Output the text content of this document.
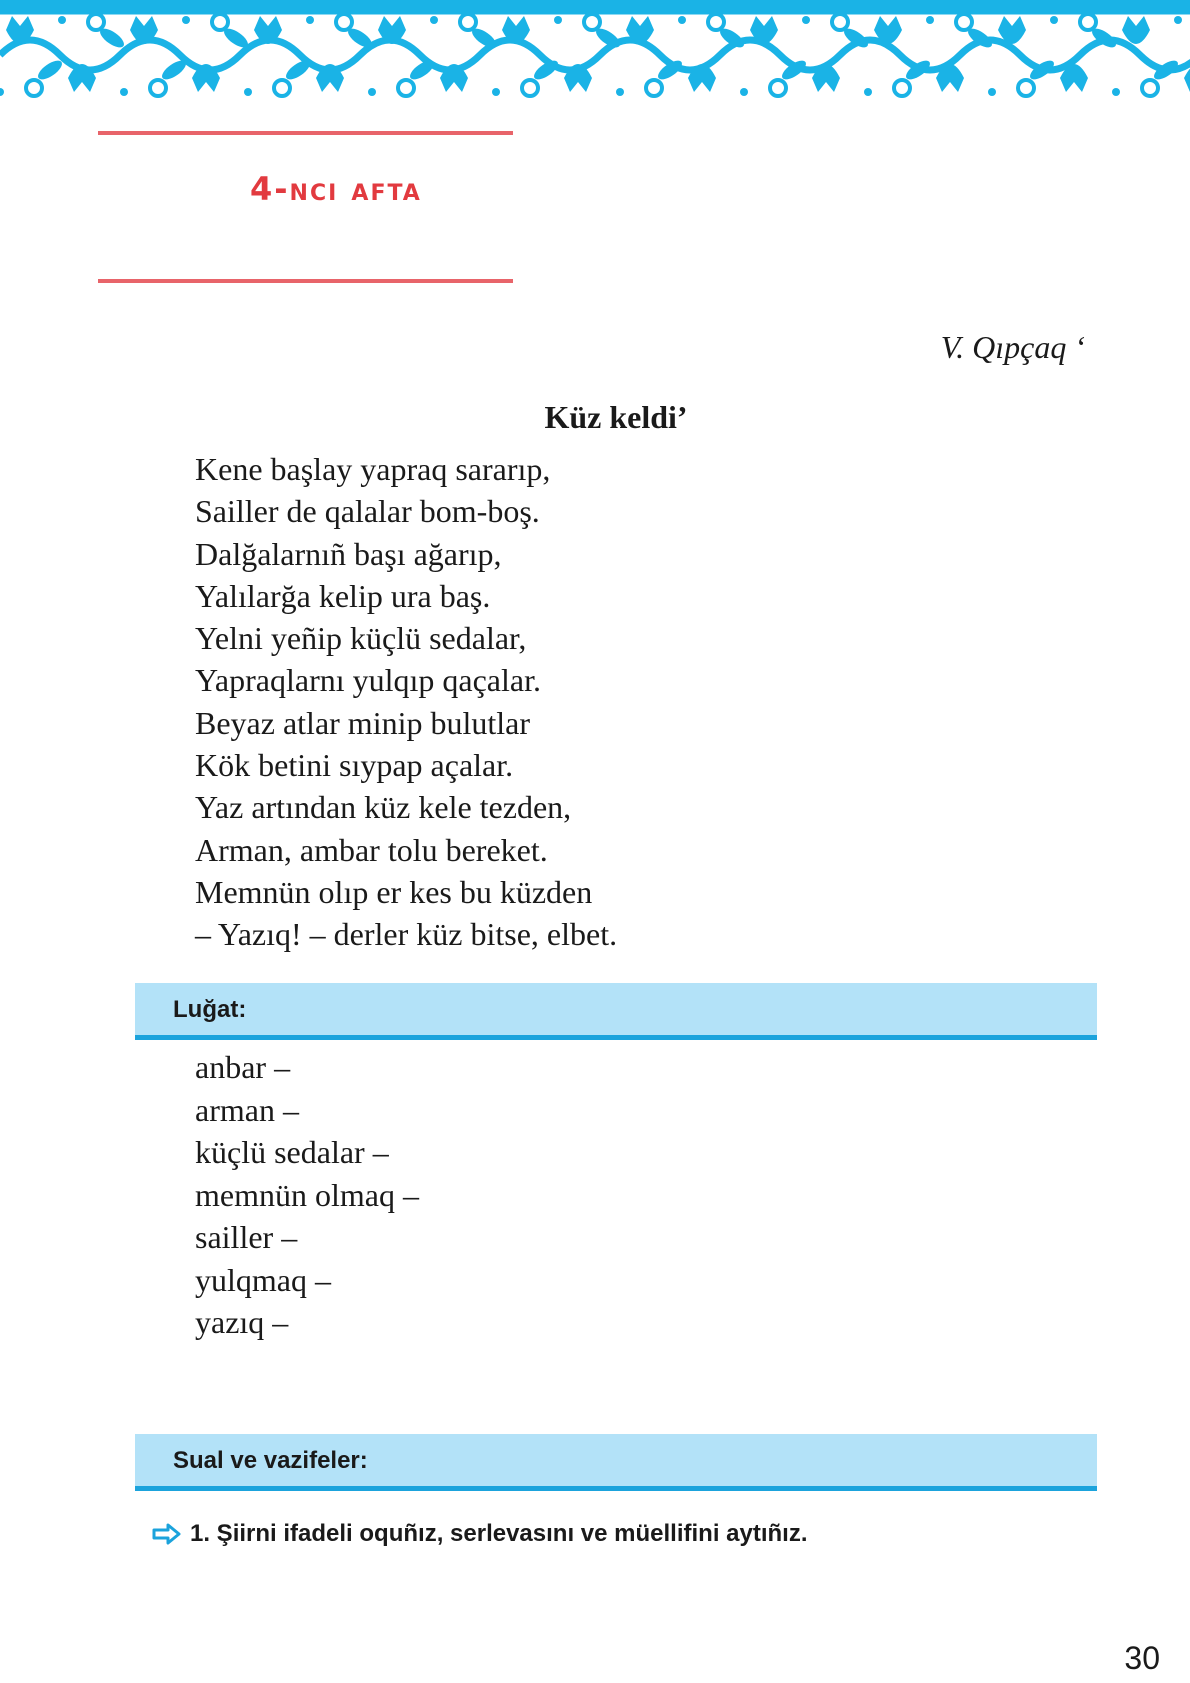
4-ncı afta
V. Qıpçaq ‘
Küz keldi’
Kene başlay yapraq sararıp,
Sailler de qalalar bom-boş.
Dalğalarnıñ başı ağarıp,
Yalılarğa kelip ura baş.
Yelni yeñip küçlü sedalar,
Yapraqlarnı yulqıp qaçalar.
Beyaz atlar minip bulutlar
Kök betini sıypap açalar.
Yaz artından küz kele tezden,
Arman, ambar tolu bereket.
Memnün olıp er kes bu küzden
– Yazıq! – derler küz bitse, elbet.
Luğat:
anbar –
arman –
küçlü sedalar –
memnün olmaq –
sailler –
yulqmaq –
yazıq –
Sual ve vazifeler:
1. Şiirni ifadeli oquñız, serlevasını ve müellifini aytıñız.
30
